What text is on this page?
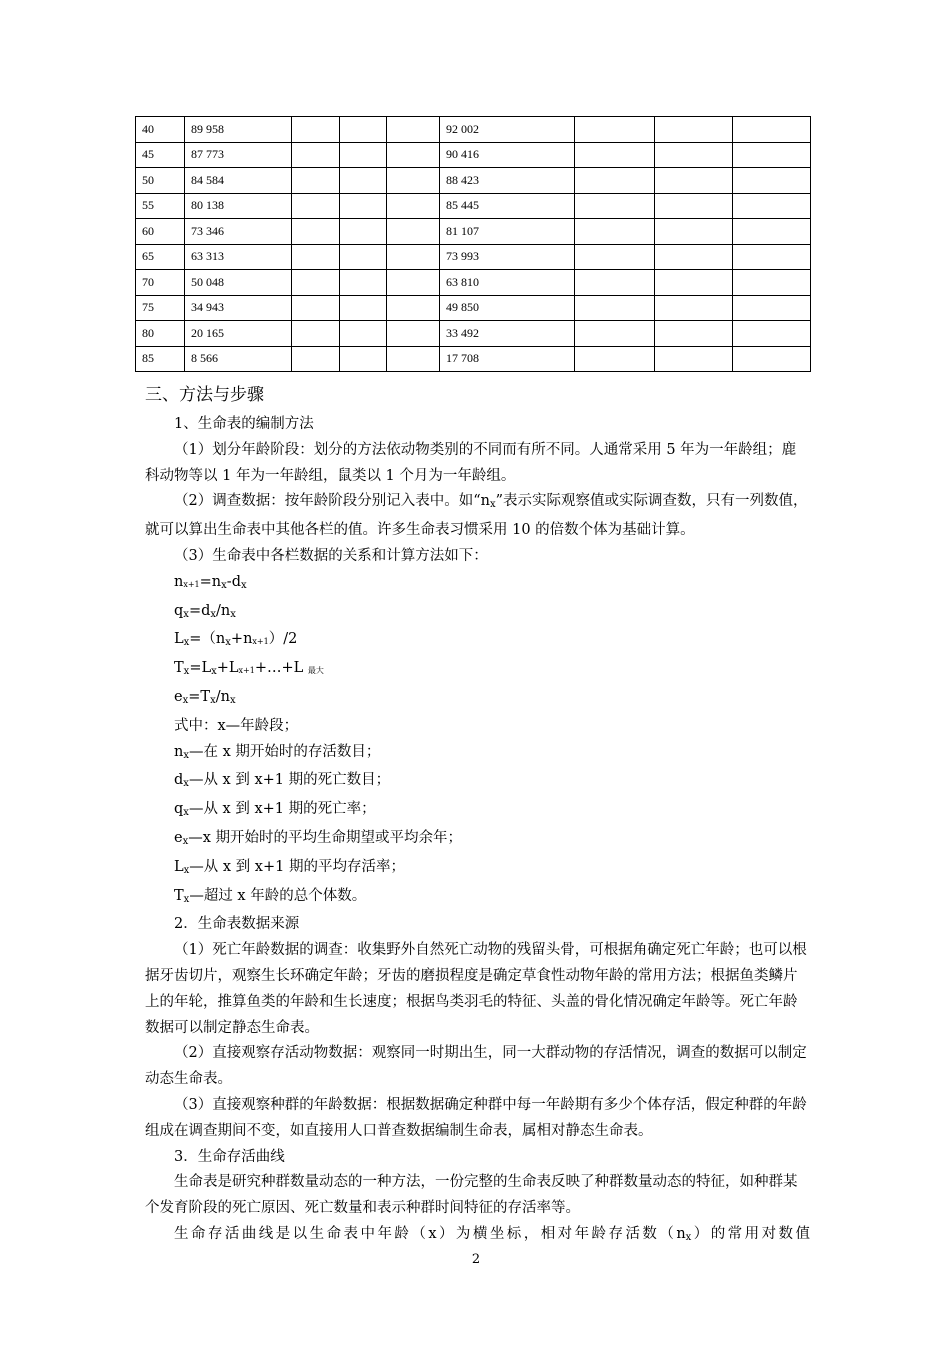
40	89 958				92 002			
45	87 773				90 416			
50	84 584				88 423			
55	80 138				85 445			
60	73 346				81 107			
65	63 313				73 993			
70	50 048				63 810			
75	34 943				49 850			
80	20 165				33 492			
85	8 566				17 708			
三、方法与步骤

1、生命表的编制方法

（1）划分年龄阶段：划分的方法依动物类别的不同而有所不同。人通常采用 5 年为一年龄组；鹿科动物等以 1 年为一年龄组，鼠类以 1 个月为一年龄组。

（2）调查数据：按年龄阶段分别记入表中。如“$n_x$”表示实际观察值或实际调查数，只有一列数值，就可以算出生命表中其他各栏的值。许多生命表习惯采用 10 的倍数个体为基础计算。

（3）生命表中各栏数据的关系和计算方法如下：

$nx+1=n_x-d_x$

$q_x=d_x/n_x$

$L_x=(n_x+nx+1)/2$

$T_x=L_x+Lx+1+\dots+L$ 最大

$e_x=T_x/n_x$

式中：x—年龄段；

$n_x—$在 x 期开始时的存活数目；

$d_x—$从 x 到 x+1 期的死亡数目；

$q_x—$从 x 到 x+1 期的死亡率；

$e_x—x$ 期开始时的平均生命期望或平均余年；

$L_x—$从 x 到 x+1 期的平均存活率；

$T_x—$超过 x 年龄的总个体数。

2．生命表数据来源

（1）死亡年龄数据的调查：收集野外自然死亡动物的残留头骨，可根据角确定死亡年龄；也可以根据牙齿切片，观察生长环确定年龄；牙齿的磨损程度是确定草食性动物年龄的常用方法；根据鱼类鳞片上的年轮，推算鱼类的年龄和生长速度；根据鸟类羽毛的特征、头盖的骨化情况确定年龄等。死亡年龄数据可以制定静态生命表。

（2）直接观察存活动物数据：观察同一时期出生，同一大群动物的存活情况，调查的数据可以制定动态生命表。

（3）直接观察种群的年龄数据：根据数据确定种群中每一年龄期有多少个体存活，假定种群的年龄组成在调查期间不变，如直接用人口普查数据编制生命表，属相对静态生命表。

3．生命存活曲线

生命表是研究种群数量动态的一种方法，一份完整的生命表反映了种群数量动态的特征，如种群某个发育阶段的死亡原因、死亡数量和表示种群时间特征的存活率等。

生命存活曲线是以生命表中年龄（x）为横坐标，相对年龄存活数$(n_x)$的常用对数值

2
